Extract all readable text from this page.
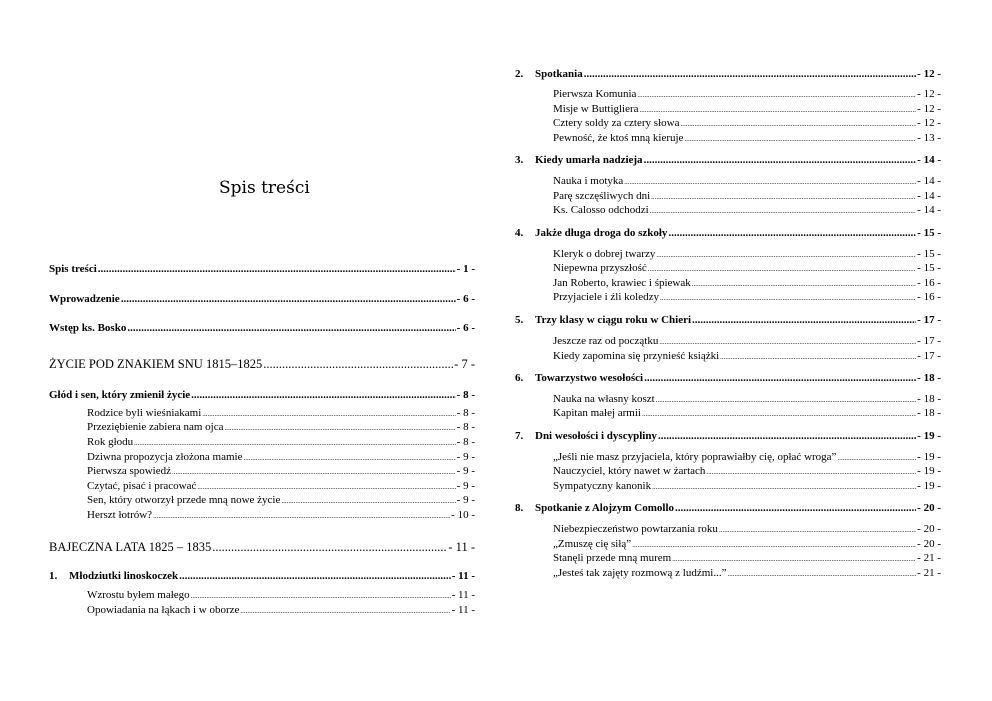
Spis treści
Spis treści .....	- 1 -
Wprowadzenie .....	- 6 -
Wstęp ks. Bosko .....	- 6 -
ŻYCIE POD ZNAKIEM SNU 1815–1825 .....	- 7 -
Głód i sen, który zmienił życie .....	- 8 -
Rodzice byli wieśniakami .....	- 8 -
Przeziębienie zabiera nam ojca .....	- 8 -
Rok głodu .....	- 8 -
Dziwna propozycja złożona mamie .....	- 9 -
Pierwsza spowiedź .....	- 9 -
Czytać, pisać i pracować .....	- 9 -
Sen, który otworzył przede mną nowe życie .....	- 9 -
Herszt łotrów? .....	- 10 -
BAJECZNA LATA 1825 – 1835 .....	- 11 -
1.	Młodziutki linoskoczek .....	- 11 -
Wzrostu byłem małego .....	- 11 -
Opowiadania na łąkach i w oborze .....	- 11 -
2.	Spotkania .....	- 12 -
Pierwsza Komunia .....	- 12 -
Misje w Buttigliera .....	- 12 -
Cztery soldy za cztery słowa .....	- 12 -
Pewność, że ktoś mną kieruje .....	- 13 -
3.	Kiedy umarła nadzieja .....	- 14 -
Nauka i motyka .....	- 14 -
Parę szczęśliwych dni .....	- 14 -
Ks. Calosso odchodzi .....	- 14 -
4.	Jakże długa droga do szkoły .....	- 15 -
Kleryk o dobrej twarzy .....	- 15 -
Niepewna przyszłość .....	- 15 -
Jan Roberto, krawiec i śpiewak .....	- 16 -
Przyjaciele i źli koledzy .....	- 16 -
5.	Trzy klasy w ciągu roku w Chieri .....	- 17 -
Jeszcze raz od początku .....	- 17 -
Kiedy zapomina się przynieść książki .....	- 17 -
6.	Towarzystwo wesołości .....	- 18 -
Nauka na własny koszt .....	- 18 -
Kapitan małej armii .....	- 18 -
7.	Dni wesołości i dyscypliny .....	- 19 -
„Jeśli nie masz przyjaciela, który poprawiałby cię, opłać wroga” .....	- 19 -
Nauczyciel, który nawet w żartach .....	- 19 -
Sympatyczny kanonik .....	- 19 -
8.	Spotkanie z Alojzym Comollo .....	- 20 -
Niebezpieczeństwo powtarzania roku .....	- 20 -
„Zmuszę cię siłą” .....	- 20 -
Stanęli przede mną murem .....	- 21 -
„Jesteś tak zajęty rozmową z ludźmi...” .....	- 21 -
